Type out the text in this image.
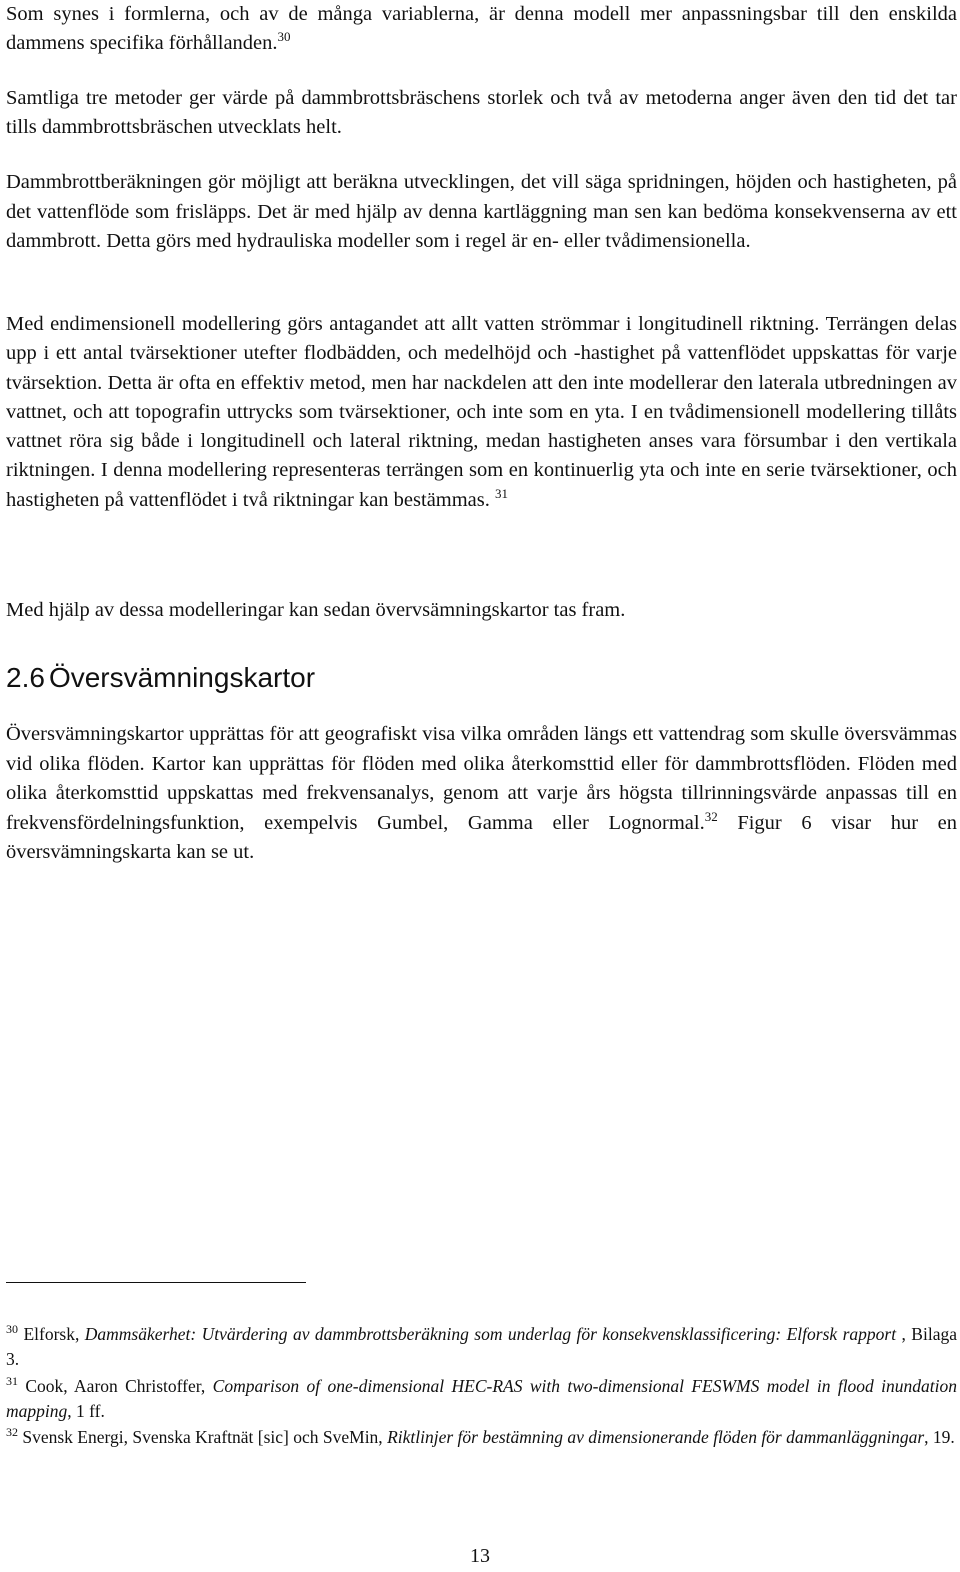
Som synes i formlerna, och av de många variablerna, är denna modell mer anpassningsbar till den enskilda dammens specifika förhållanden.$^{30}$

Samtliga tre metoder ger värde på dammbrottsbräschens storlek och två av metoderna anger även den tid det tar tills dammbrottsbräschen utvecklats helt.

Dammbrottberäkningen gör möjligt att beräkna utvecklingen, det vill säga spridningen, höjden och hastigheten, på det vattenflöde som frisläpps. Det är med hjälp av denna kartläggning man sen kan bedöma konsekvenserna av ett dammbrott. Detta görs med hydrauliska modeller som i regel är en- eller tvådimensionella.

Med endimensionell modellering görs antagandet att allt vatten strömmar i longitudinell riktning. Terrängen delas upp i ett antal tvärsektioner utefter flodbädden, och medelhöjd och -hastighet på vattenflödet uppskattas för varje tvärsektion. Detta är ofta en effektiv metod, men har nackdelen att den inte modellerar den laterala utbredningen av vattnet, och att topografin uttrycks som tvärsektioner, och inte som en yta. I en tvådimensionell modellering tillåts vattnet röra sig både i longitudinell och lateral riktning, medan hastigheten anses vara försumbar i den vertikala riktningen. I denna modellering representeras terrängen som en kontinuerlig yta och inte en serie tvärsektioner, och hastigheten på vattenflödet i två riktningar kan bestämmas. $^{31}$

Med hjälp av dessa modelleringar kan sedan övervsämningskartor tas fram.

2.6 Översvämningskartor

Översvämningskartor upprättas för att geografiskt visa vilka områden längs ett vattendrag som skulle översvämmas vid olika flöden. Kartor kan upprättas för flöden med olika återkomsttid eller för dammbrottsflöden. Flöden med olika återkomsttid uppskattas med frekvensanalys, genom att varje års högsta tillrinningsvärde anpassas till en frekvensfördelningsfunktion, exempelvis Gumbel, Gamma eller Lognormal.$^{32}$ Figur 6 visar hur en översvämningskarta kan se ut.

$^{30}$ Elforsk, Dammsäkerhet: Utvärdering av dammbrottsberäkning som underlag för konsekvensklassificering: Elforsk rapport , Bilaga 3.

$^{31}$ Cook, Aaron Christoffer, Comparison of one-dimensional HEC-RAS with two-dimensional FESWMS model in flood inundation mapping, 1 ff.

$^{32}$ Svensk Energi, Svenska Kraftnät [sic] och SveMin, Riktlinjer för bestämning av dimensionerande flöden för dammanläggningar, 19.

13
